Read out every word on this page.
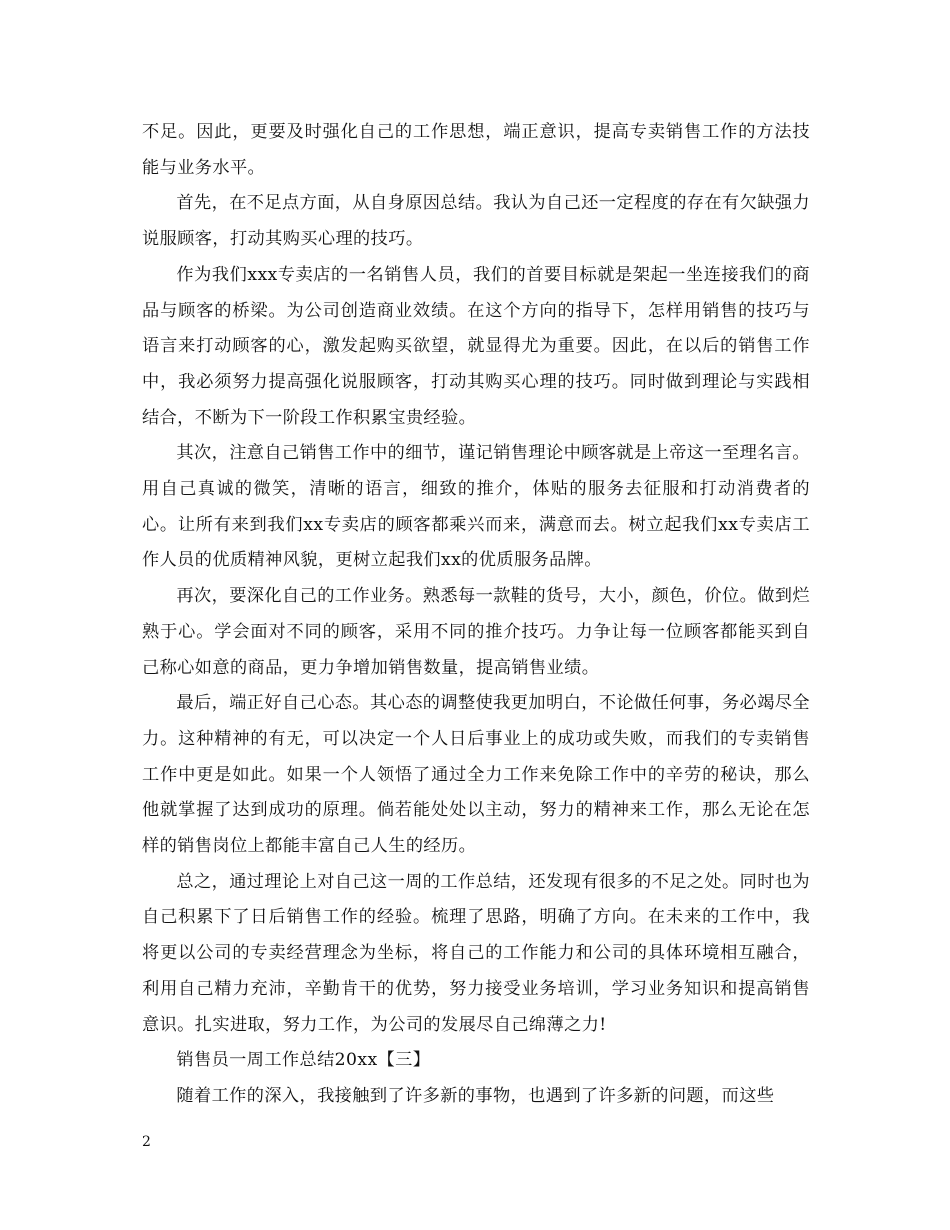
不足。因此，更要及时强化自己的工作思想，端正意识，提高专卖销售工作的方法技能与业务水平。

首先，在不足点方面，从自身原因总结。我认为自己还一定程度的存在有欠缺强力说服顾客，打动其购买心理的技巧。

作为我们xxx专卖店的一名销售人员，我们的首要目标就是架起一坐连接我们的商品与顾客的桥梁。为公司创造商业效绩。在这个方向的指导下，怎样用销售的技巧与语言来打动顾客的心，激发起购买欲望，就显得尤为重要。因此，在以后的销售工作中，我必须努力提高强化说服顾客，打动其购买心理的技巧。同时做到理论与实践相结合，不断为下一阶段工作积累宝贵经验。

其次，注意自己销售工作中的细节，谨记销售理论中顾客就是上帝这一至理名言。用自己真诚的微笑，清晰的语言，细致的推介，体贴的服务去征服和打动消费者的心。让所有来到我们xx专卖店的顾客都乘兴而来，满意而去。树立起我们xx专卖店工作人员的优质精神风貌，更树立起我们xx的优质服务品牌。

再次，要深化自己的工作业务。熟悉每一款鞋的货号，大小，颜色，价位。做到烂熟于心。学会面对不同的顾客，采用不同的推介技巧。力争让每一位顾客都能买到自己称心如意的商品，更力争增加销售数量，提高销售业绩。

最后，端正好自己心态。其心态的调整使我更加明白，不论做任何事，务必竭尽全力。这种精神的有无，可以决定一个人日后事业上的成功或失败，而我们的专卖销售工作中更是如此。如果一个人领悟了通过全力工作来免除工作中的辛劳的秘诀，那么他就掌握了达到成功的原理。倘若能处处以主动，努力的精神来工作，那么无论在怎样的销售岗位上都能丰富自己人生的经历。

总之，通过理论上对自己这一周的工作总结，还发现有很多的不足之处。同时也为自己积累下了日后销售工作的经验。梳理了思路，明确了方向。在未来的工作中，我将更以公司的专卖经营理念为坐标，将自己的工作能力和公司的具体环境相互融合，利用自己精力充沛，辛勤肯干的优势，努力接受业务培训，学习业务知识和提高销售意识。扎实进取，努力工作，为公司的发展尽自己绵薄之力!

销售员一周工作总结20xx【三】

随着工作的深入，我接触到了许多新的事物，也遇到了许多新的问题，而这些

2
